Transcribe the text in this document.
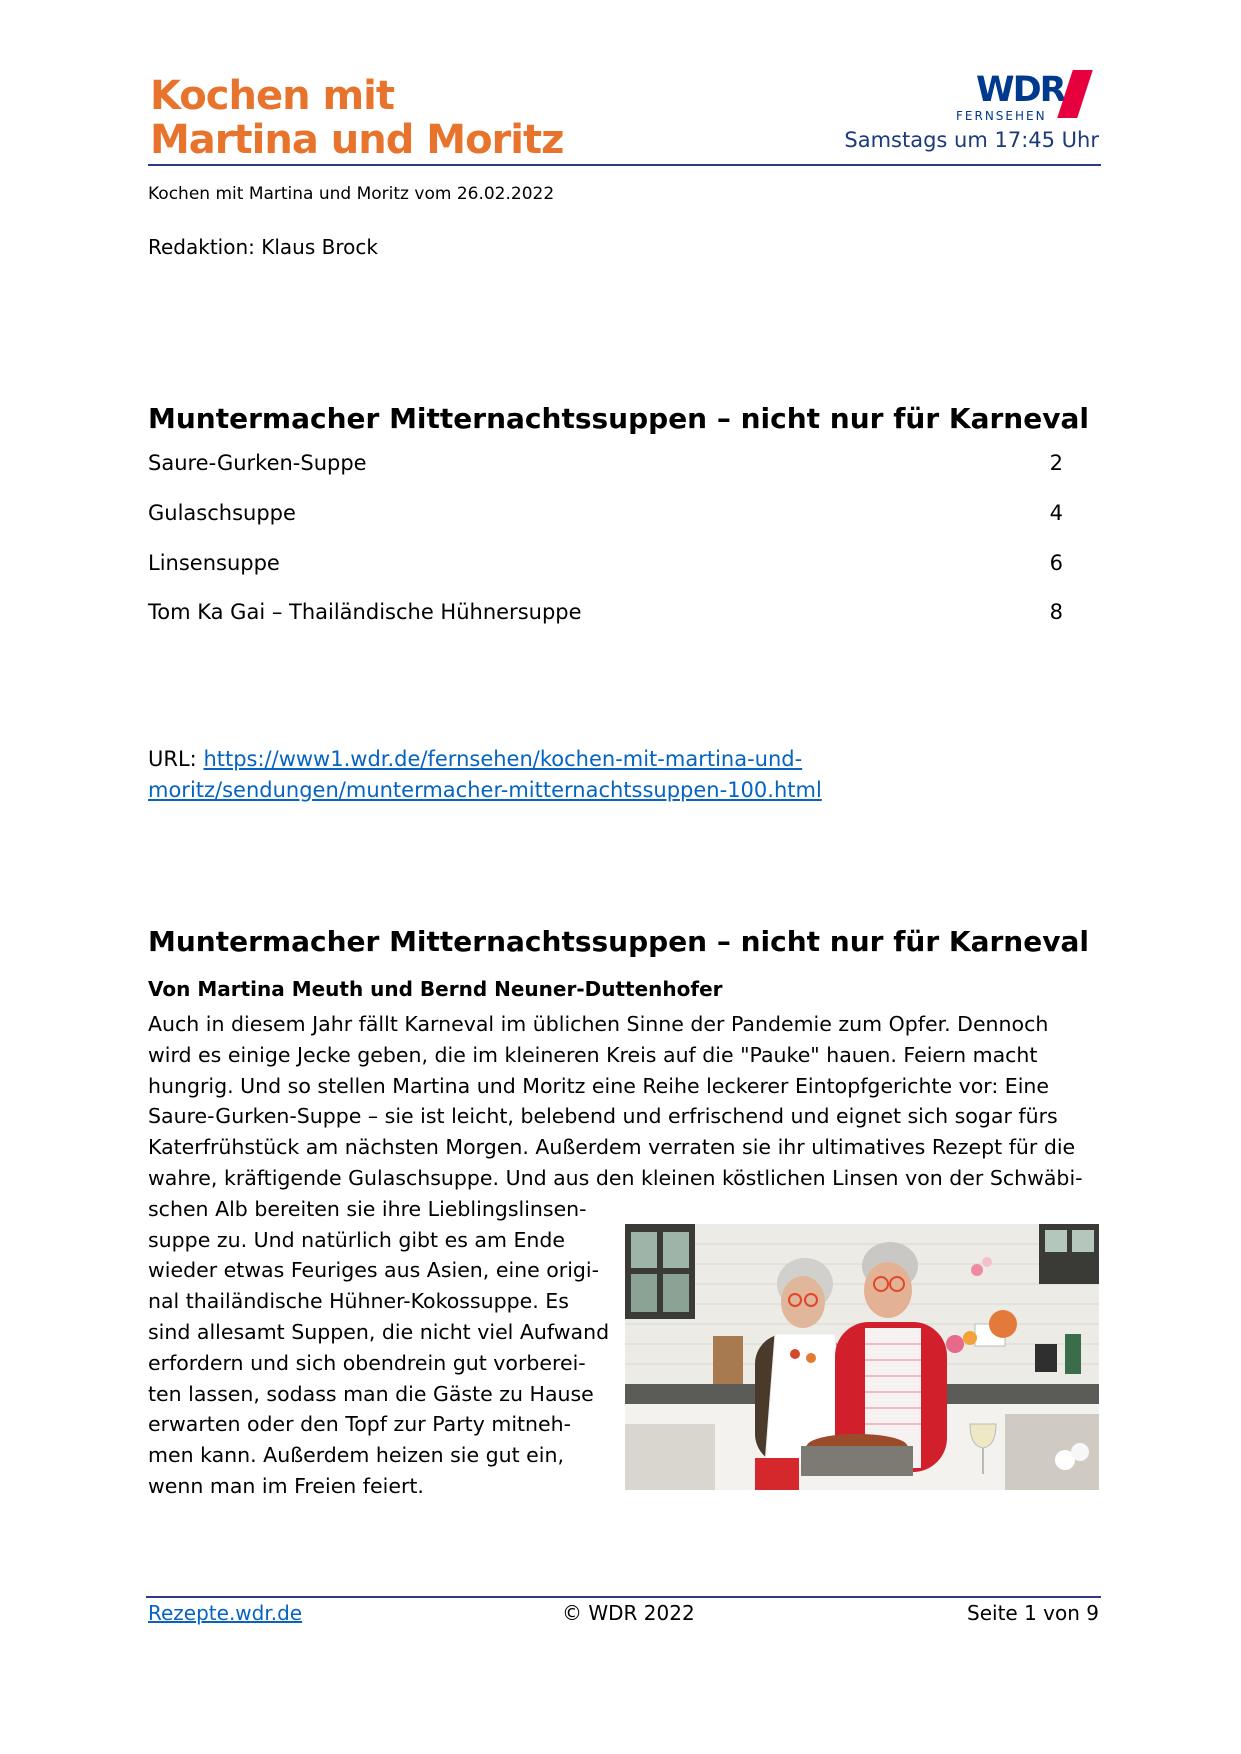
Kochen mit
Martina und Moritz
WDR
FERNSEHEN
Samstags um 17:45 Uhr
Kochen mit Martina und Moritz vom 26.02.2022
Redaktion: Klaus Brock
Muntermacher Mitternachtssuppen – nicht nur für Karneval
Saure-Gurken-Suppe	2
Gulaschsuppe	4
Linsensuppe	6
Tom Ka Gai – Thailändische Hühnersuppe	8
URL: https://www1.wdr.de/fernsehen/kochen-mit-martina-und-
moritz/sendungen/muntermacher-mitternachtssuppen-100.html
Muntermacher Mitternachtssuppen – nicht nur für Karneval
Von Martina Meuth und Bernd Neuner-Duttenhofer
Auch in diesem Jahr fällt Karneval im üblichen Sinne der Pandemie zum Opfer. Dennoch
wird es einige Jecke geben, die im kleineren Kreis auf die "Pauke" hauen. Feiern macht
hungrig. Und so stellen Martina und Moritz eine Reihe leckerer Eintopfgerichte vor: Eine
Saure-Gurken-Suppe – sie ist leicht, belebend und erfrischend und eignet sich sogar fürs
Katerfrühstück am nächsten Morgen. Außerdem verraten sie ihr ultimatives Rezept für die
wahre, kräftigende Gulaschsuppe. Und aus den kleinen köstlichen Linsen von der Schwäbi-
schen Alb bereiten sie ihre Lieblingslinsen-
suppe zu. Und natürlich gibt es am Ende
wieder etwas Feuriges aus Asien, eine origi-
nal thailändische Hühner-Kokossuppe. Es
sind allesamt Suppen, die nicht viel Aufwand
erfordern und sich obendrein gut vorberei-
ten lassen, sodass man die Gäste zu Hause
erwarten oder den Topf zur Party mitneh-
men kann. Außerdem heizen sie gut ein,
wenn man im Freien feiert.
Rezepte.wdr.de	© WDR 2022	Seite 1 von 9
